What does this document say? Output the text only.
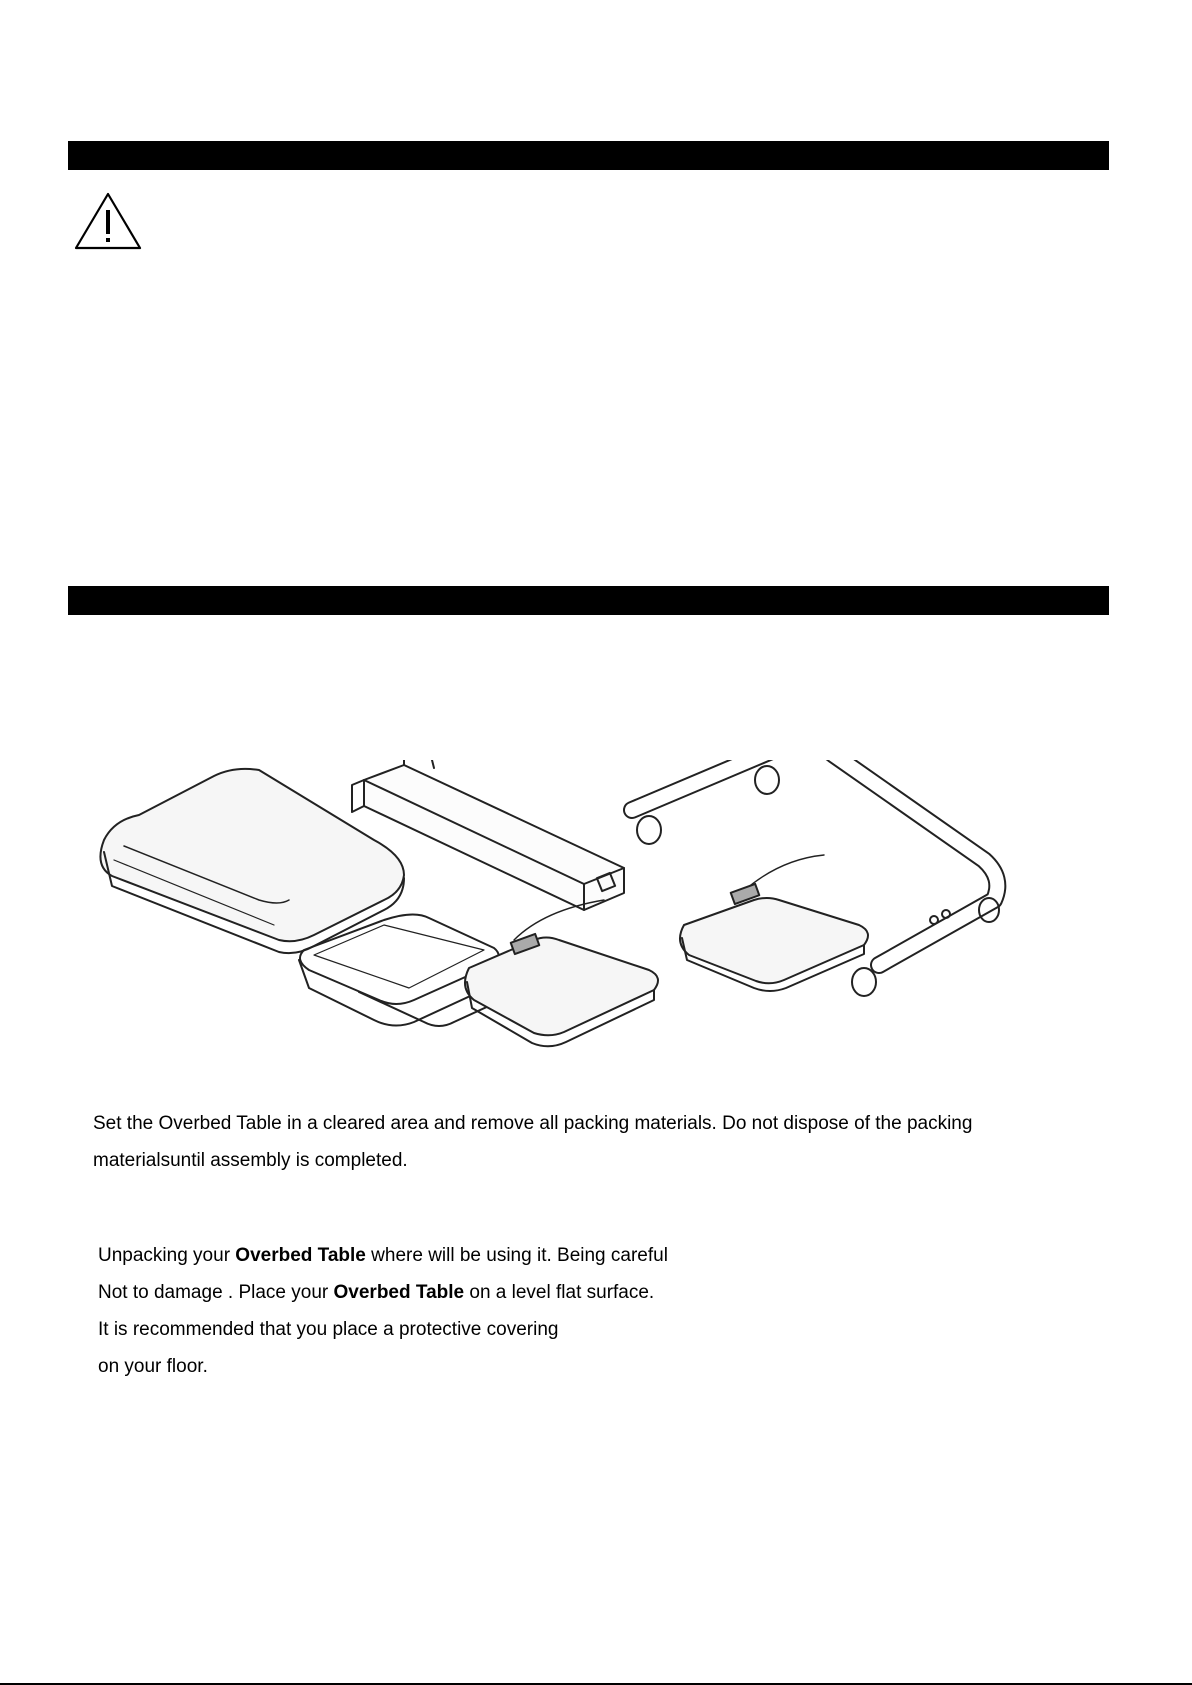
Set the Overbed Table in a cleared area and remove all packing materials. Do not dispose of the packing
materialsuntil assembly is completed.
Unpacking your Overbed Table where will be using it. Being careful
Not to damage . Place your Overbed Table on a level flat surface.
It is recommended that you place a protective covering
on your floor.
